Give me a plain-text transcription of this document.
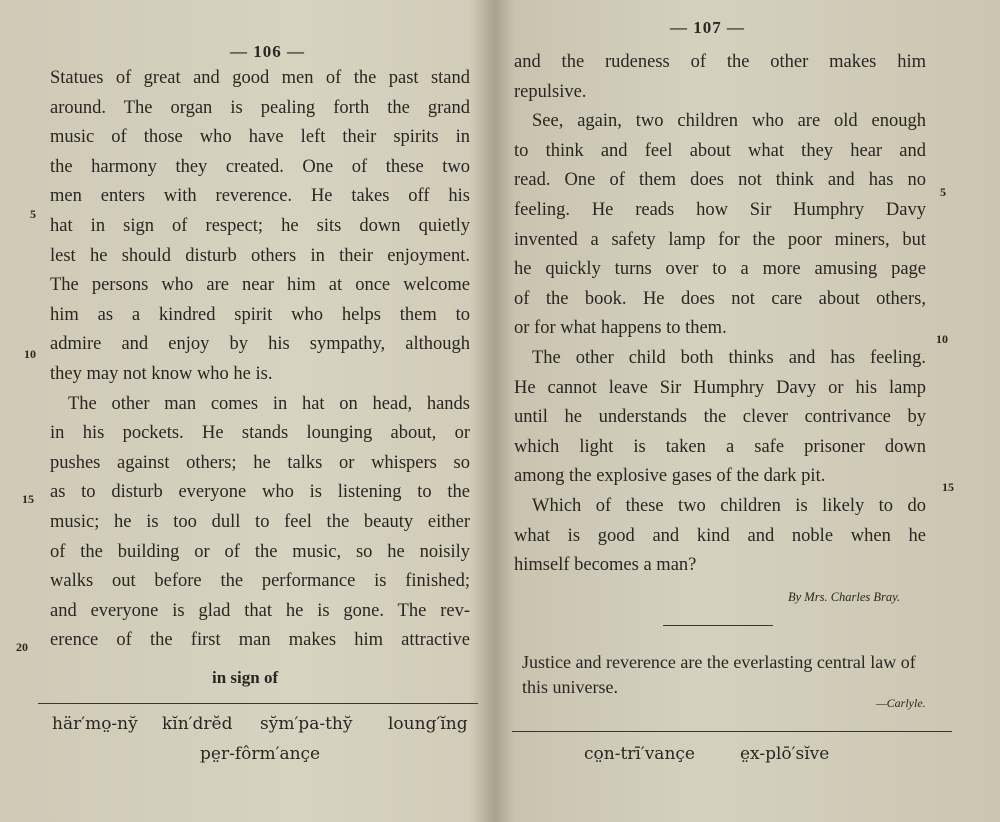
— 106 —
Statues of great and good men of the past stand
around. The organ is pealing forth the grand
music of those who have left their spirits in
the harmony they created. One of these two
men enters with reverence. He takes off his
hat in sign of respect; he sits down quietly
lest he should disturb others in their enjoyment.
The persons who are near him at once welcome
him as a kindred spirit who helps them to
admire and enjoy by his sympathy, although
they may not know who he is.
The other man comes in hat on head, hands
in his pockets. He stands lounging about, or
pushes against others; he talks or whispers so
as to disturb everyone who is listening to the
music; he is too dull to feel the beauty either
of the building or of the music, so he noisily
walks out before the performance is finished;
and everyone is glad that he is gone. The rev-
erence of the first man makes him attractive
5
10
15
20
in sign of
här′mo̤-ny̆ kĭn′drĕd sy̆m′pa-thy̆ loung′ĭng
pe̤r-fôrm′ançe
— 107 —
and the rudeness of the other makes him
repulsive.
See, again, two children who are old enough
to think and feel about what they hear and
read. One of them does not think and has no
feeling. He reads how Sir Humphry Davy
invented a safety lamp for the poor miners, but
he quickly turns over to a more amusing page
of the book. He does not care about others,
or for what happens to them.
The other child both thinks and has feeling.
He cannot leave Sir Humphry Davy or his lamp
until he understands the clever contrivance by
which light is taken a safe prisoner down
among the explosive gases of the dark pit.
Which of these two children is likely to do
what is good and kind and noble when he
himself becomes a man?
5
10
15
By Mrs. Charles Bray.
Justice and reverence are the everlasting central law of this universe.
—Carlyle.
co̤n-trī′vançe	e̤x-plō′sĭve
